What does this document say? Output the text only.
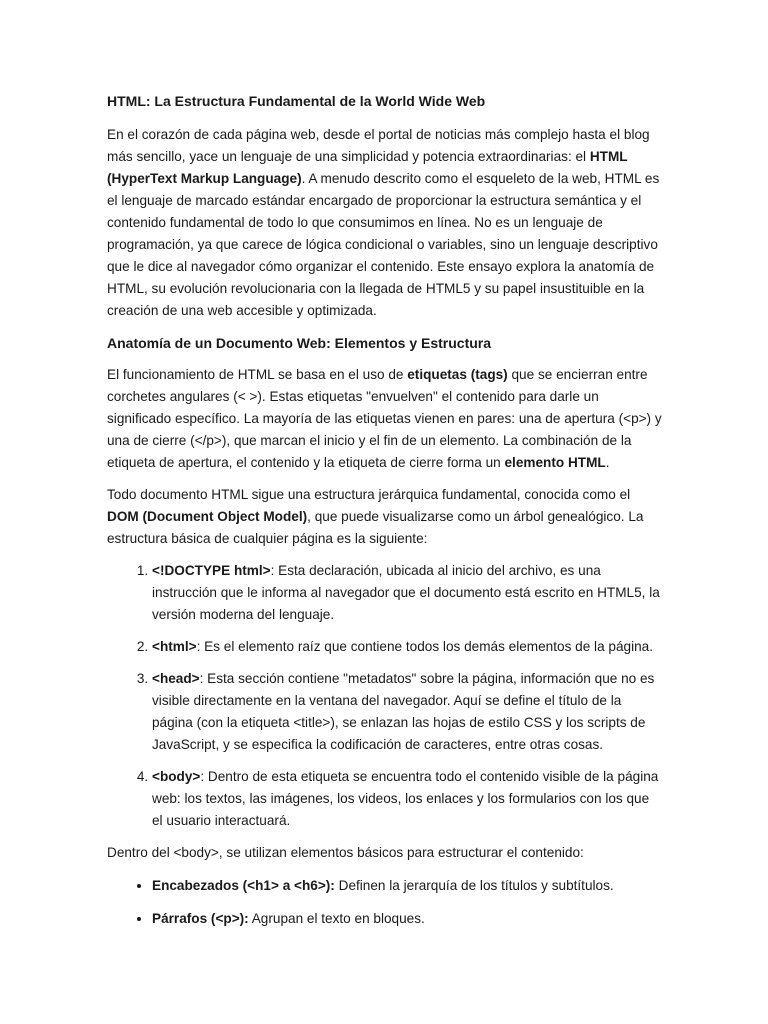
HTML: La Estructura Fundamental de la World Wide Web

En el corazón de cada página web, desde el portal de noticias más complejo hasta el blog más sencillo, yace un lenguaje de una simplicidad y potencia extraordinarias: el HTML (HyperText Markup Language). A menudo descrito como el esqueleto de la web, HTML es el lenguaje de marcado estándar encargado de proporcionar la estructura semántica y el contenido fundamental de todo lo que consumimos en línea. No es un lenguaje de programación, ya que carece de lógica condicional o variables, sino un lenguaje descriptivo que le dice al navegador cómo organizar el contenido. Este ensayo explora la anatomía de HTML, su evolución revolucionaria con la llegada de HTML5 y su papel insustituible en la creación de una web accesible y optimizada.

Anatomía de un Documento Web: Elementos y Estructura

El funcionamiento de HTML se basa en el uso de etiquetas (tags) que se encierran entre corchetes angulares (< >). Estas etiquetas "envuelven" el contenido para darle un significado específico. La mayoría de las etiquetas vienen en pares: una de apertura (<p>) y una de cierre (</p>), que marcan el inicio y el fin de un elemento. La combinación de la etiqueta de apertura, el contenido y la etiqueta de cierre forma un elemento HTML.

Todo documento HTML sigue una estructura jerárquica fundamental, conocida como el DOM (Document Object Model), que puede visualizarse como un árbol genealógico. La estructura básica de cualquier página es la siguiente:

1. <!DOCTYPE html>: Esta declaración, ubicada al inicio del archivo, es una instrucción que le informa al navegador que el documento está escrito en HTML5, la versión moderna del lenguaje.
2. <html>: Es el elemento raíz que contiene todos los demás elementos de la página.
3. <head>: Esta sección contiene "metadatos" sobre la página, información que no es visible directamente en la ventana del navegador. Aquí se define el título de la página (con la etiqueta <title>), se enlazan las hojas de estilo CSS y los scripts de JavaScript, y se especifica la codificación de caracteres, entre otras cosas.
4. <body>: Dentro de esta etiqueta se encuentra todo el contenido visible de la página web: los textos, las imágenes, los videos, los enlaces y los formularios con los que el usuario interactuará.

Dentro del <body>, se utilizan elementos básicos para estructurar el contenido:

• Encabezados (<h1> a <h6>): Definen la jerarquía de los títulos y subtítulos.
• Párrafos (<p>): Agrupan el texto en bloques.
